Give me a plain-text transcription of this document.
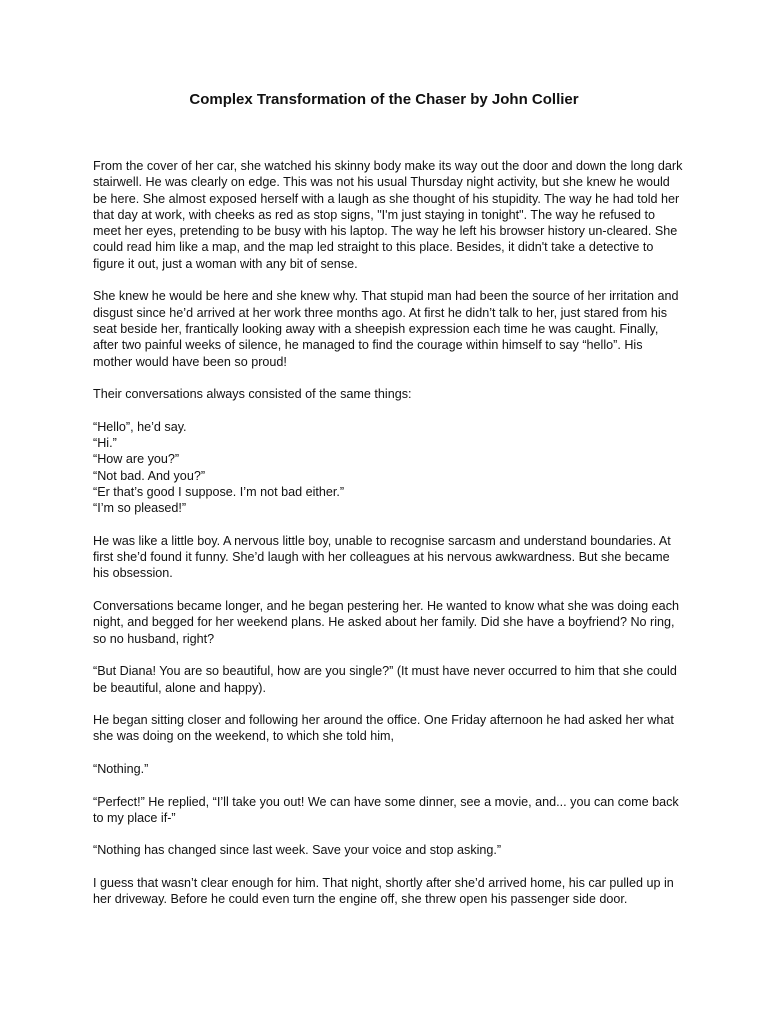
Complex Transformation of the Chaser by John Collier

From the cover of her car, she watched his skinny body make its way out the door and down the long dark stairwell. He was clearly on edge. This was not his usual Thursday night activity, but she knew he would be here. She almost exposed herself with a laugh as she thought of his stupidity. The way he had told her that day at work, with cheeks as red as stop signs, "I'm just staying in tonight". The way he refused to meet her eyes, pretending to be busy with his laptop. The way he left his browser history un-cleared. She could read him like a map, and the map led straight to this place. Besides, it didn't take a detective to figure it out, just a woman with any bit of sense.

She knew he would be here and she knew why. That stupid man had been the source of her irritation and disgust since he’d arrived at her work three months ago. At first he didn’t talk to her, just stared from his seat beside her, frantically looking away with a sheepish expression each time he was caught. Finally, after two painful weeks of silence, he managed to find the courage within himself to say “hello”. His mother would have been so proud!

Their conversations always consisted of the same things:

“Hello”, he’d say.
“Hi.”
“How are you?”
“Not bad. And you?”
“Er that’s good I suppose. I’m not bad either.”
“I’m so pleased!”

He was like a little boy. A nervous little boy, unable to recognise sarcasm and understand boundaries. At first she’d found it funny. She’d laugh with her colleagues at his nervous awkwardness. But she became his obsession.

Conversations became longer, and he began pestering her. He wanted to know what she was doing each night, and begged for her weekend plans. He asked about her family. Did she have a boyfriend? No ring, so no husband, right?

“But Diana! You are so beautiful, how are you single?” (It must have never occurred to him that she could be beautiful, alone and happy).

He began sitting closer and following her around the office. One Friday afternoon he had asked her what she was doing on the weekend, to which she told him,

“Nothing.”

“Perfect!” He replied, “I’ll take you out! We can have some dinner, see a movie, and... you can come back to my place if-”

“Nothing has changed since last week. Save your voice and stop asking.”

I guess that wasn’t clear enough for him. That night, shortly after she’d arrived home, his car pulled up in her driveway. Before he could even turn the engine off, she threw open his passenger side door.
